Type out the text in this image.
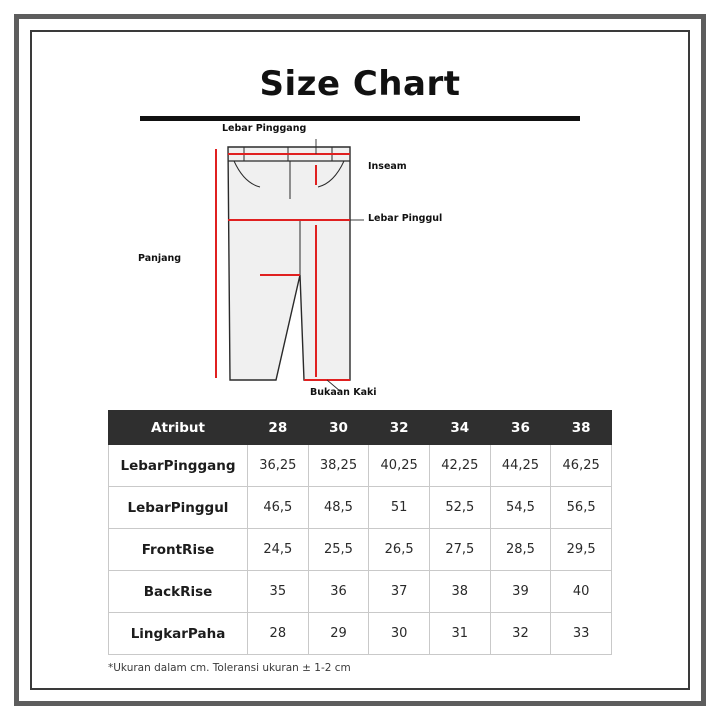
Size Chart
Lebar Pinggang
Inseam
Lebar Pinggul
Panjang
Bukaan Kaki
Atribut	28	30	32	34	36	38
LebarPinggang	36,25	38,25	40,25	42,25	44,25	46,25
LebarPinggul	46,5	48,5	51	52,5	54,5	56,5
FrontRise	24,5	25,5	26,5	27,5	28,5	29,5
BackRise	35	36	37	38	39	40
LingkarPaha	28	29	30	31	32	33
*Ukuran dalam cm. Toleransi ukuran ± 1-2 cm
